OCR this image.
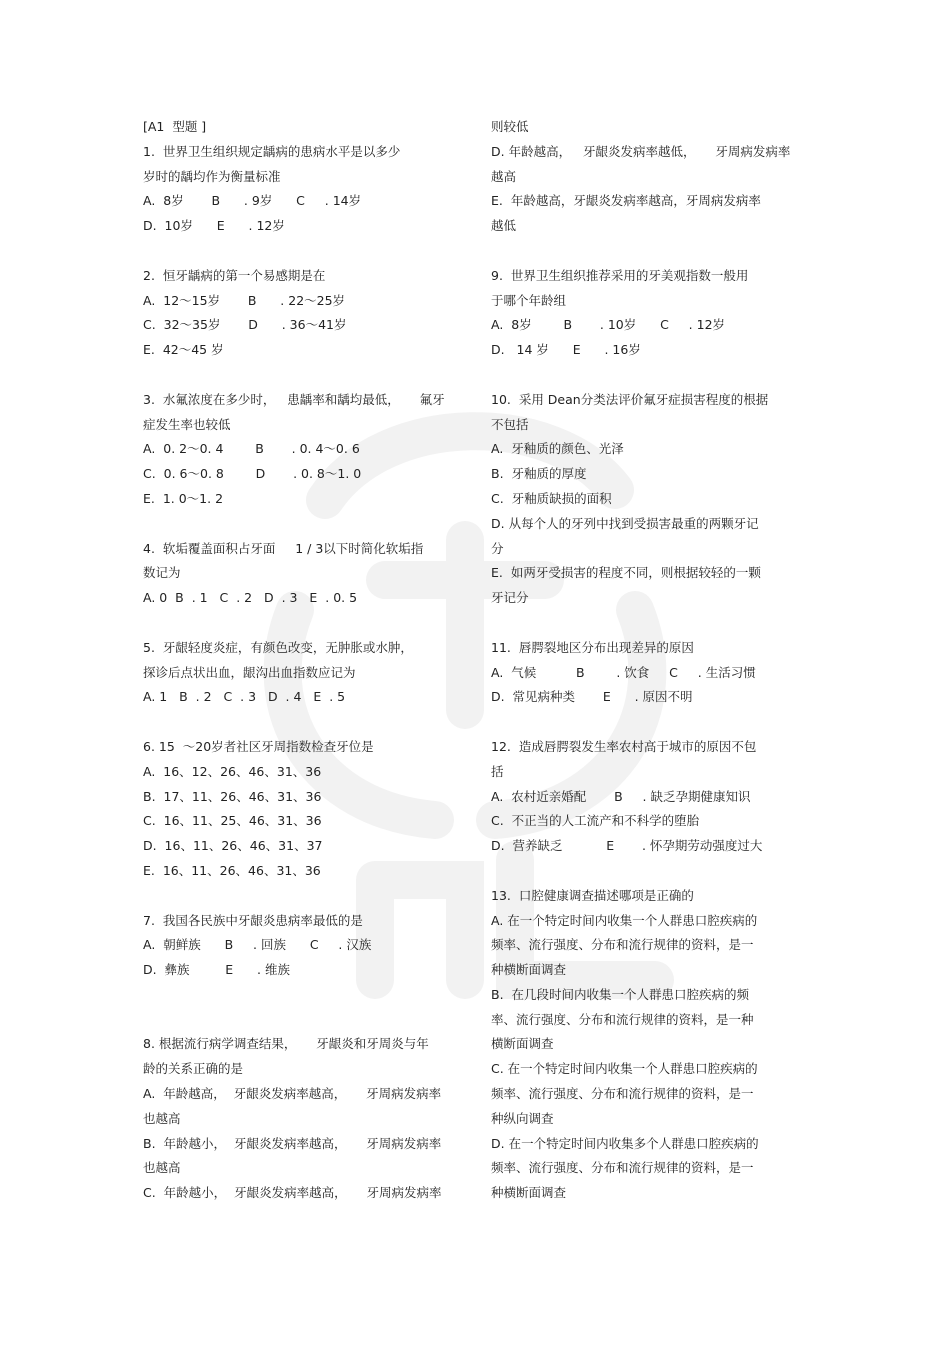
[A1  型题 ]
1.  世界卫生组织规定龋病的患病水平是以多少
岁时的龋均作为衡量标准
A.  8岁       B      . 9岁      C     . 14岁
D.  10岁      E      . 12岁
2.  恒牙龋病的第一个易感期是在
A.  12～15岁       B      . 22～25岁
C.  32～35岁       D      . 36～41岁
E.  42～45 岁
3.  水氟浓度在多少时，   患龋率和龋均最低，     氟牙
症发生率也较低
A.  0. 2～0. 4        B       . 0. 4～0. 6
C.  0. 6～0. 8        D       . 0. 8～1. 0
E.  1. 0～1. 2
4.  软垢覆盖面积占牙面     1 / 3以下时简化软垢指
数记为
A. 0  B  . 1   C  . 2   D  . 3   E  . 0. 5
5.  牙龈轻度炎症，有颜色改变，无肿胀或水肿，
探诊后点状出血，龈沟出血指数应记为
A. 1   B  . 2   C  . 3   D  . 4   E  . 5
6. 15  ～20岁者社区牙周指数检查牙位是
A.  16、12、26、46、31、36
B.  17、11、26、46、31、36
C.  16、11、25、46、31、36
D.  16、11、26、46、31、37
E.  16、11、26、46、31、36
7.  我国各民族中牙龈炎患病率最低的是
A.  朝鲜族      B     . 回族      C     . 汉族
D.  彝族         E      . 维族
8. 根据流行病学调查结果，     牙龈炎和牙周炎与年
龄的关系正确的是
A.  年龄越高，  牙龈炎发病率越高，     牙周病发病率
也越高
B.  年龄越小，  牙龈炎发病率越高，     牙周病发病率
也越高
C.  年龄越小，  牙龈炎发病率越高，     牙周病发病率
则较低
D. 年龄越高，   牙龈炎发病率越低，     牙周病发病率
越高
E.  年龄越高，牙龈炎发病率越高，牙周病发病率
越低
9.  世界卫生组织推荐采用的牙美观指数一般用
于哪个年龄组
A.  8岁        B       . 10岁      C     . 12岁
D.   14 岁      E      . 16岁
10.  采用 Dean分类法评价氟牙症损害程度的根据
不包括
A.  牙釉质的颜色、光泽
B.  牙釉质的厚度
C.  牙釉质缺损的面积
D. 从每个人的牙列中找到受损害最重的两颗牙记
分
E.  如两牙受损害的程度不同，则根据较轻的一颗
牙记分
11.  唇腭裂地区分布出现差异的原因
A.  气候          B        . 饮食     C     . 生活习惯
D.  常见病种类       E      . 原因不明
12.  造成唇腭裂发生率农村高于城市的原因不包
括
A.  农村近亲婚配       B     . 缺乏孕期健康知识
C.  不正当的人工流产和不科学的堕胎
D.  营养缺乏           E       . 怀孕期劳动强度过大
13.  口腔健康调查描述哪项是正确的
A. 在一个特定时间内收集一个人群患口腔疾病的
频率、流行强度、分布和流行规律的资料，是一
种横断面调查
B.  在几段时间内收集一个人群患口腔疾病的频
率、流行强度、分布和流行规律的资料，是一种
横断面调查
C. 在一个特定时间内收集一个人群患口腔疾病的
频率、流行强度、分布和流行规律的资料，是一
种纵向调查
D. 在一个特定时间内收集多个人群患口腔疾病的
频率、流行强度、分布和流行规律的资料，是一
种横断面调查
